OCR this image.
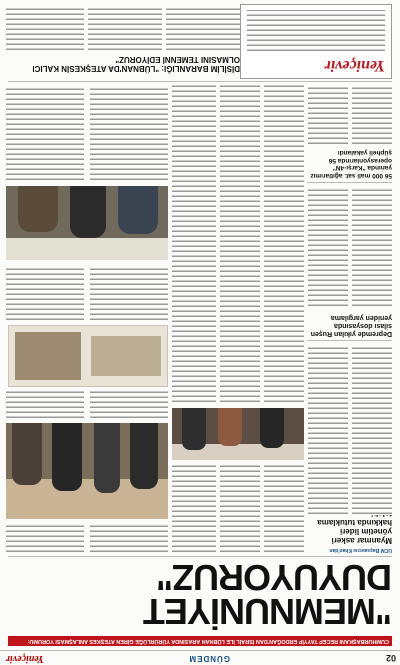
02
GÜNDEM
Yeniçevir
CUMHURBAŞKANI RECEP TAYYİP ERDOĞAN'DAN İSRAİL İLE LÜBNAN ARASINDA YÜRÜRLÜĞE GİREN ATEŞKES ANLAŞMASI YORUMU:
"MEMNUNİYET DUYUYORUZ"
UCM Başsavcısı Khan'dan
Myanmar askeri yönetim lideri hakkında tutuklama
Depremde yıkılan Ruşen silası dosyasında yeniden yargılama
56 000 mali sat. ağıtlarımız yanında "Karşı-4N" operasyonlarında 56 şüpheli yakalandı
Yeniçevir
DİSİLİM BARANLIĞI: "LÜBNAN'DA ATEŞKESİN KALICI OLMASINI TEMENNİ EDİYORUZ"
